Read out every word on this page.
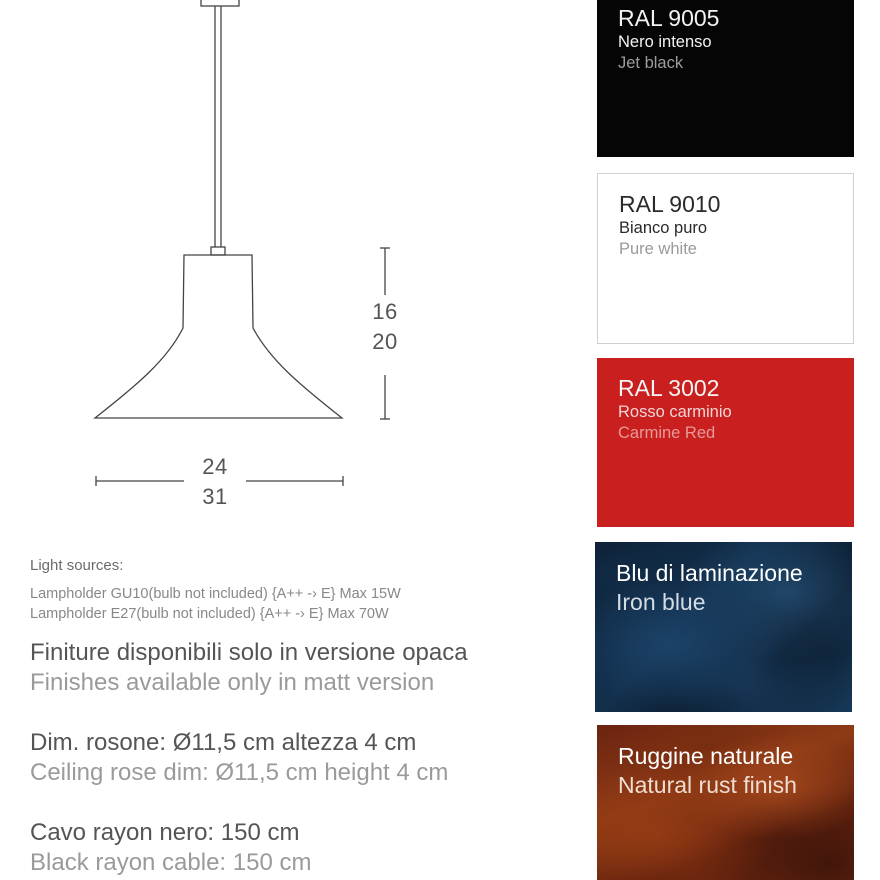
16
20
24
31
Light sources:
Lampholder GU10(bulb not included) {A++ -› E} Max 15W
Lampholder E27(bulb not included) {A++ -› E} Max 70W
Finiture disponibili solo in versione opaca
Finishes available only in matt version
Dim. rosone: Ø11,5 cm altezza 4 cm
Ceiling rose dim: Ø11,5 cm height 4 cm
Cavo rayon nero: 150 cm
Black rayon cable: 150 cm
RAL 9005
Nero intenso
Jet black
RAL 9010
Bianco puro
Pure white
RAL 3002
Rosso carminio
Carmine Red
Blu di laminazione
Iron blue
Ruggine naturale
Natural rust finish
